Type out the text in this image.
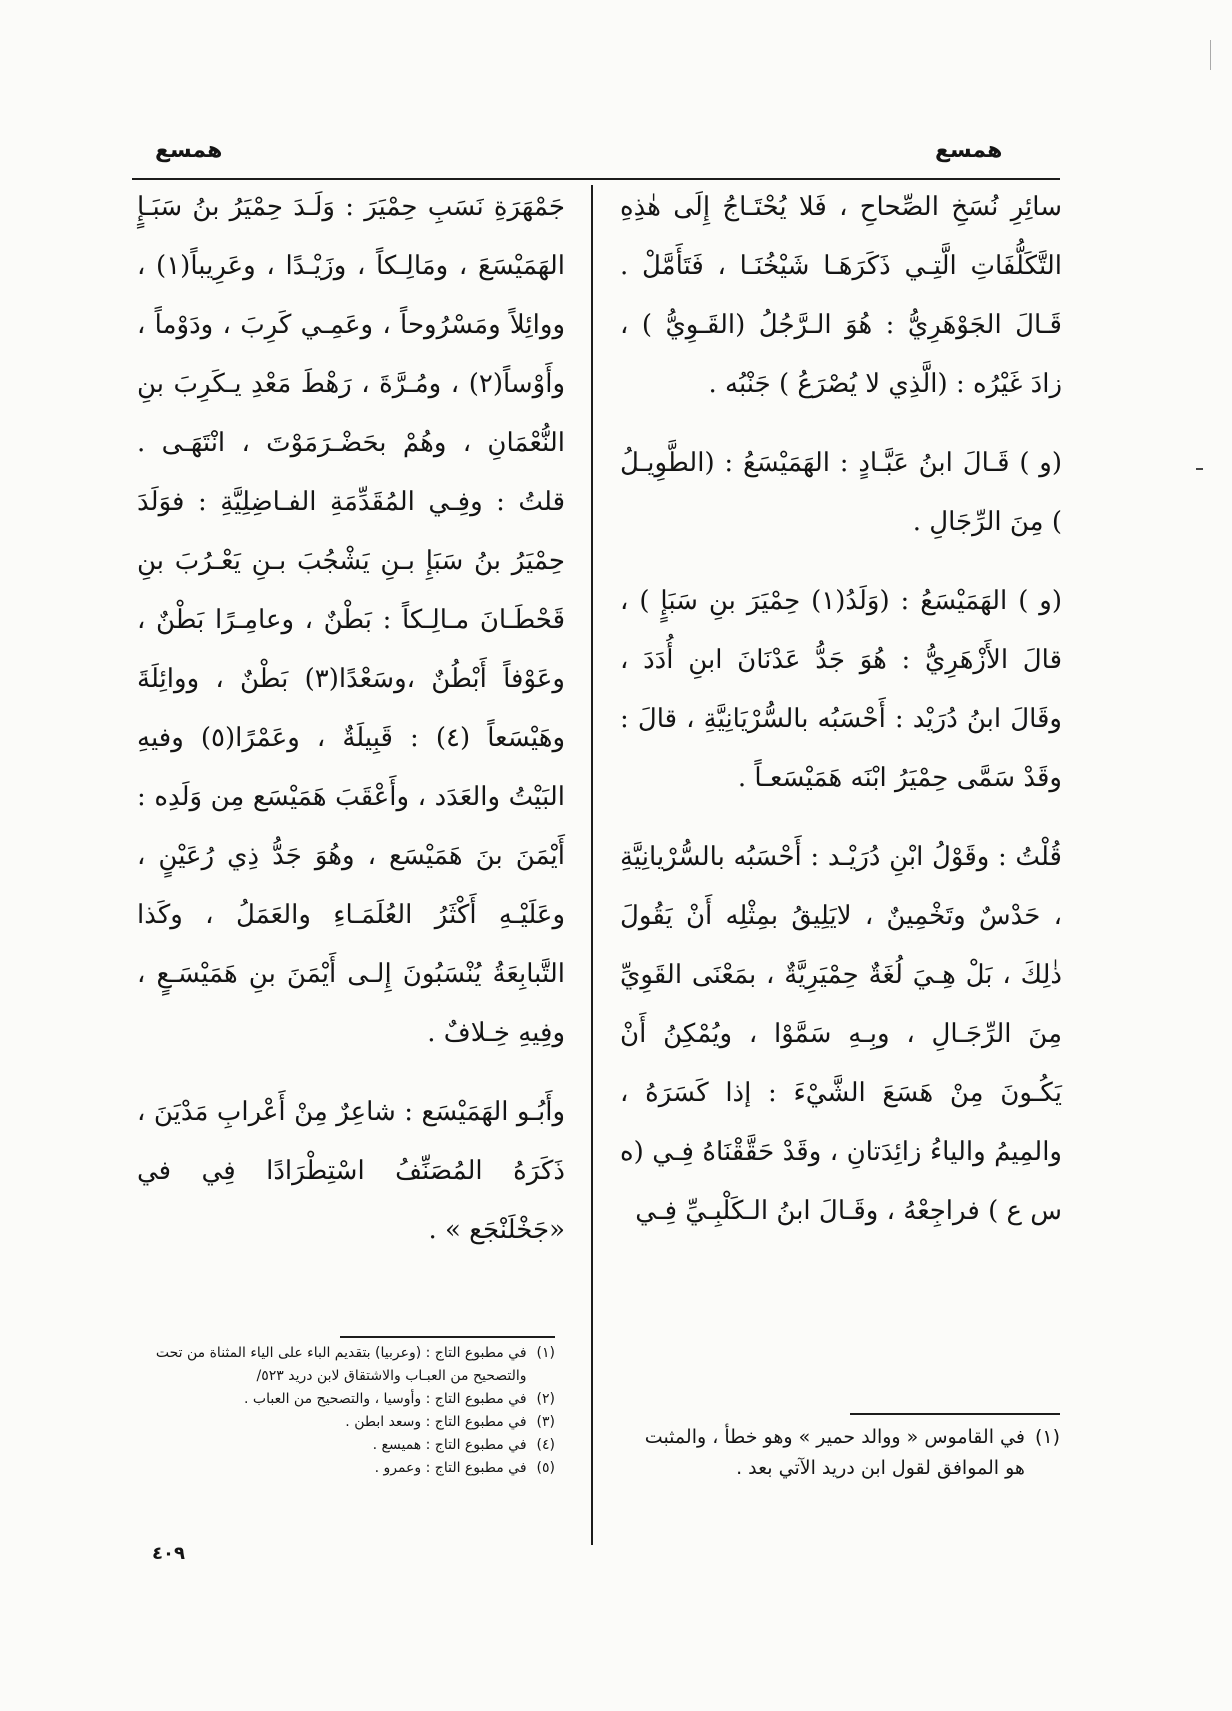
همسع
همسع

سائِرِ نُسَخِ الصِّحاحِ ، فَلا يُحْتَـاجُ إِلَى هٰذِهِ التَّكَلُّفَاتِ الَّتِـي ذَكَرَهَـا شَيْخُنَـا ، فَتَأَمَّلْ . قَـالَ الجَوْهَرِيُّ : هُوَ الـرَّجُلُ (القَـوِيُّ ) ، زادَ غَيْرُه : (الَّذِي لا يُصْرَعُ ) جَنْبُه .

(و ) قَـالَ ابنُ عَبَّـادٍ : الهَمَيْسَعُ : (الطَّوِيـلُ ) مِنَ الرِّجَالِ .

(و ) الهَمَيْسَعُ : (وَلَدُ(١) حِمْيَرَ بنِ سَبَإٍ ) ، قالَ الأَزْهَرِيُّ : هُوَ جَدُّ عَدْنَانَ ابنِ أُدَدَ ، وقَالَ ابنُ دُرَيْد : أَحْسَبُه بالسُّرْيَانِيَّةِ ، قالَ : وقَدْ سَمَّى حِمْيَرُ ابْنَه هَمَيْسَعـاً .

قُلْتُ : وقَوْلُ ابْنِ دُرَيْـد : أَحْسَبُه بالسُّرْيانِيَّةِ ، حَدْسٌ وتَخْمِينٌ ، لايَلِيقُ بمِثْلِه أَنْ يَقُولَ ذٰلِكَ ، بَلْ هِـيَ لُغَةٌ حِمْيَرِيَّةٌ ، بمَعْنَى القَوِيِّ مِنَ الرِّجَـالِ ، وبِـهِ سَمَّوْا ، ويُمْكِنُ أَنْ يَكُـونَ مِنْ هَسَعَ الشَّيْءَ : إذا كَسَرَهُ ، والمِيمُ والياءُ زائِدَتانِ ، وقَدْ حَقَّقْنَاهُ فِـي (ه س ع ) فراجِعْهُ ، وقَـالَ ابنُ الـكَلْبِـيِّ فِـي

جَمْهَرَةِ نَسَبِ حِمْيَرَ : وَلَـدَ حِمْيَرُ بنُ سَبَـإٍ الهَمَيْسَعَ ، ومَالِـكاً ، وزَيْـدًا ، وعَرِيباً(١) ، ووائِلاً ومَسْرُوحاً ، وعَمِـي كَرِبَ ، ودَوْماً ، وأَوْساً(٢) ، ومُـرَّةَ ، رَهْطَ مَعْدِ يـكَرِبَ بنِ النُّعْمَانِ ، وهُمْ بحَضْـرَمَوْتَ ، انْتَهَـى . قلتُ : وفِـي المُقَدِّمَةِ الفـاضِلِيَّةِ : فوَلَدَ حِمْيَرُ بنُ سَبَإِ بـنِ يَشْجُبَ بـنِ يَعْـرُبَ بنِ قَحْطَـانَ مـالِـكاً : بَطْنٌ ، وعامِـرًا بَطْنٌ ، وعَوْفاً أَبْطُنٌ ،وسَعْدًا(٣) بَطْنٌ ، ووائِلَةَ وهَيْسَعاً (٤) : قَبِيلَةٌ ، وعَمْرًا(٥) وفيهِ البَيْتُ والعَدَد ، وأَعْقَبَ هَمَيْسَع مِن وَلَدِه : أَيْمَنَ بنَ هَمَيْسَع ، وهُوَ جَدُّ ذِي رُعَيْنٍ ، وعَلَيْـهِ أَكْثَرُ العُلَمَـاءِ والعَمَلُ ، وكَذا التَّبابِعَةُ يُنْسَبُونَ إِلـى أَيْمَنَ بنِ هَمَيْسَـعٍ ، وفِيهِ خِـلافٌ .

وأَبُـو الهَمَيْسَع : شاعِرٌ مِنْ أَعْرابِ مَدْيَنَ ، ذَكَرَهُ المُصَنِّفُ اسْتِطْرَادًا فِي في «جَخْلَنْجَع » .

(١)
في القاموس « ووالد حمير » وهو خطأ ، والمثبت هو الموافق لقول ابن دريد الآتي بعد .
(١)
في مطبوع التاج : (وعربيا) بتقديم الباء على الياء المثناة من تحت والتصحيح من العبـاب والاشتقاق لابن دريد ٥٢٣/
(٢)
في مطبوع التاج : وأوسيا ، والتصحيح من العباب .
(٣)
في مطبوع التاج : وسعد ابطن .
(٤)
في مطبوع التاج : هميسع .
(٥)
في مطبوع التاج : وعمرو .
٤٠٩
